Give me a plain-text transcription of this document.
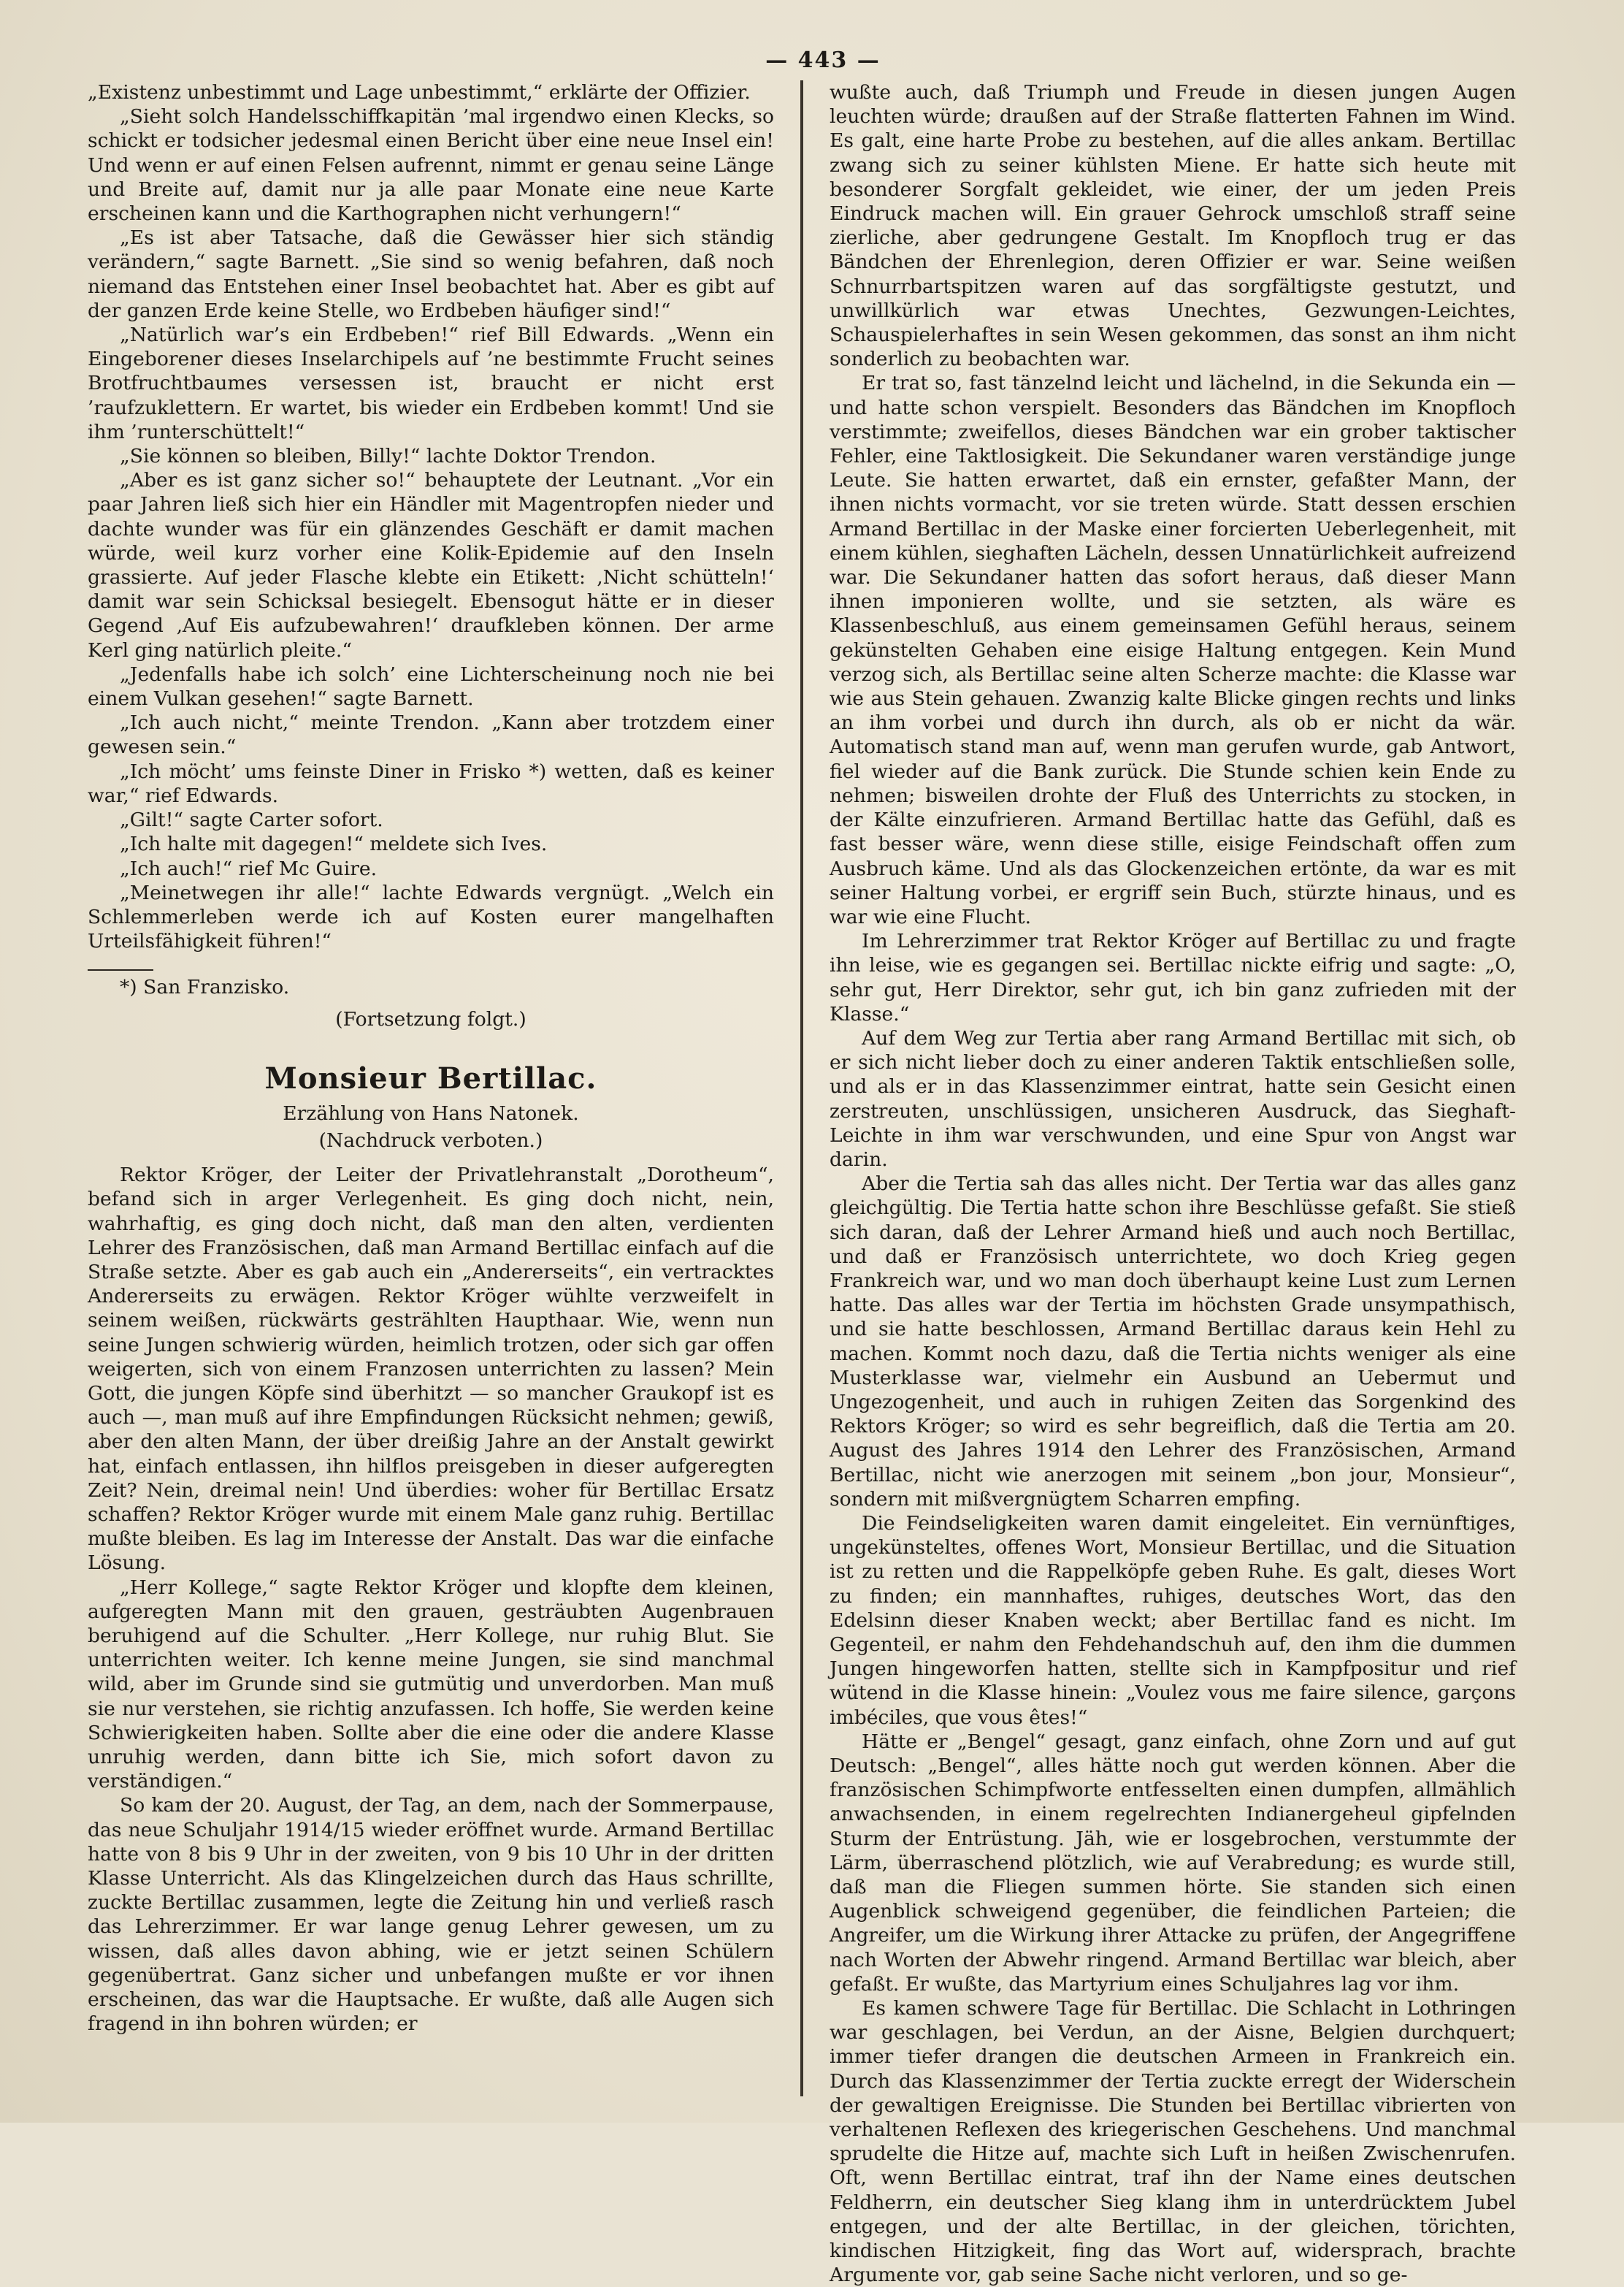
— 443 —

„Existenz unbestimmt und Lage unbestimmt,“ erklärte der Offizier.

„Sieht solch Handelsschiffkapitän ’mal irgendwo einen Klecks, so schickt er todsicher jedesmal einen Bericht über eine neue Insel ein! Und wenn er auf einen Felsen aufrennt, nimmt er genau seine Länge und Breite auf, damit nur ja alle paar Monate eine neue Karte erscheinen kann und die Karthographen nicht verhungern!“

„Es ist aber Tatsache, daß die Gewässer hier sich ständig verändern,“ sagte Barnett. „Sie sind so wenig befahren, daß noch niemand das Entstehen einer Insel beobachtet hat. Aber es gibt auf der ganzen Erde keine Stelle, wo Erdbeben häufiger sind!“

„Natürlich war’s ein Erdbeben!“ rief Bill Edwards. „Wenn ein Eingeborener dieses Inselarchipels auf ’ne bestimmte Frucht seines Brotfruchtbaumes versessen ist, braucht er nicht erst ’raufzuklettern. Er wartet, bis wieder ein Erdbeben kommt! Und sie ihm ’runterschüttelt!“

„Sie können so bleiben, Billy!“ lachte Doktor Trendon.

„Aber es ist ganz sicher so!“ behauptete der Leutnant. „Vor ein paar Jahren ließ sich hier ein Händler mit Magentropfen nieder und dachte wunder was für ein glänzendes Geschäft er damit machen würde, weil kurz vorher eine Kolik-Epidemie auf den Inseln grassierte. Auf jeder Flasche klebte ein Etikett: ‚Nicht schütteln!‘ damit war sein Schicksal besiegelt. Ebensogut hätte er in dieser Gegend ‚Auf Eis aufzubewahren!‘ draufkleben können. Der arme Kerl ging natürlich pleite.“

„Jedenfalls habe ich solch’ eine Lichterscheinung noch nie bei einem Vulkan gesehen!“ sagte Barnett.

„Ich auch nicht,“ meinte Trendon. „Kann aber trotzdem einer gewesen sein.“

„Ich möcht’ ums feinste Diner in Frisko *) wetten, daß es keiner war,“ rief Edwards.

„Gilt!“ sagte Carter sofort.

„Ich halte mit dagegen!“ meldete sich Ives.

„Ich auch!“ rief Mc Guire.

„Meinetwegen ihr alle!“ lachte Edwards vergnügt. „Welch ein Schlemmerleben werde ich auf Kosten eurer mangelhaften Urteilsfähigkeit führen!“

*) San Franzisko.

(Fortsetzung folgt.)

Monsieur Bertillac.

Erzählung von Hans Natonek.

(Nachdruck verboten.)

Rektor Kröger, der Leiter der Privatlehranstalt „Dorotheum“, befand sich in arger Verlegenheit. Es ging doch nicht, nein, wahrhaftig, es ging doch nicht, daß man den alten, verdienten Lehrer des Französischen, daß man Armand Bertillac einfach auf die Straße setzte. Aber es gab auch ein „Andererseits“, ein vertracktes Andererseits zu erwägen. Rektor Kröger wühlte verzweifelt in seinem weißen, rückwärts gestrählten Haupthaar. Wie, wenn nun seine Jungen schwierig würden, heimlich trotzen, oder sich gar offen weigerten, sich von einem Franzosen unterrichten zu lassen? Mein Gott, die jungen Köpfe sind überhitzt — so mancher Graukopf ist es auch —, man muß auf ihre Empfindungen Rücksicht nehmen; gewiß, aber den alten Mann, der über dreißig Jahre an der Anstalt gewirkt hat, einfach entlassen, ihn hilflos preisgeben in dieser aufgeregten Zeit? Nein, dreimal nein! Und überdies: woher für Bertillac Ersatz schaffen? Rektor Kröger wurde mit einem Male ganz ruhig. Bertillac mußte bleiben. Es lag im Interesse der Anstalt. Das war die einfache Lösung.

„Herr Kollege,“ sagte Rektor Kröger und klopfte dem kleinen, aufgeregten Mann mit den grauen, gesträubten Augenbrauen beruhigend auf die Schulter. „Herr Kollege, nur ruhig Blut. Sie unterrichten weiter. Ich kenne meine Jungen, sie sind manchmal wild, aber im Grunde sind sie gutmütig und unverdorben. Man muß sie nur verstehen, sie richtig anzufassen. Ich hoffe, Sie werden keine Schwierigkeiten haben. Sollte aber die eine oder die andere Klasse unruhig werden, dann bitte ich Sie, mich sofort davon zu verständigen.“

So kam der 20. August, der Tag, an dem, nach der Sommerpause, das neue Schuljahr 1914/15 wieder eröffnet wurde. Armand Bertillac hatte von 8 bis 9 Uhr in der zweiten, von 9 bis 10 Uhr in der dritten Klasse Unterricht. Als das Klingelzeichen durch das Haus schrillte, zuckte Bertillac zusammen, legte die Zeitung hin und verließ rasch das Lehrerzimmer. Er war lange genug Lehrer gewesen, um zu wissen, daß alles davon abhing, wie er jetzt seinen Schülern gegenübertrat. Ganz sicher und unbefangen mußte er vor ihnen erscheinen, das war die Hauptsache. Er wußte, daß alle Augen sich fragend in ihn bohren würden; er

wußte auch, daß Triumph und Freude in diesen jungen Augen leuchten würde; draußen auf der Straße flatterten Fahnen im Wind. Es galt, eine harte Probe zu bestehen, auf die alles ankam. Bertillac zwang sich zu seiner kühlsten Miene. Er hatte sich heute mit besonderer Sorgfalt gekleidet, wie einer, der um jeden Preis Eindruck machen will. Ein grauer Gehrock umschloß straff seine zierliche, aber gedrungene Gestalt. Im Knopfloch trug er das Bändchen der Ehrenlegion, deren Offizier er war. Seine weißen Schnurrbartspitzen waren auf das sorgfältigste gestutzt, und unwillkürlich war etwas Unechtes, Gezwungen-Leichtes, Schauspielerhaftes in sein Wesen gekommen, das sonst an ihm nicht sonderlich zu beobachten war.

Er trat so, fast tänzelnd leicht und lächelnd, in die Sekunda ein — und hatte schon verspielt. Besonders das Bändchen im Knopfloch verstimmte; zweifellos, dieses Bändchen war ein grober taktischer Fehler, eine Taktlosigkeit. Die Sekundaner waren verständige junge Leute. Sie hatten erwartet, daß ein ernster, gefaßter Mann, der ihnen nichts vormacht, vor sie treten würde. Statt dessen erschien Armand Bertillac in der Maske einer forcierten Ueberlegenheit, mit einem kühlen, sieghaften Lächeln, dessen Unnatürlichkeit aufreizend war. Die Sekundaner hatten das sofort heraus, daß dieser Mann ihnen imponieren wollte, und sie setzten, als wäre es Klassenbeschluß, aus einem gemeinsamen Gefühl heraus, seinem gekünstelten Gehaben eine eisige Haltung entgegen. Kein Mund verzog sich, als Bertillac seine alten Scherze machte: die Klasse war wie aus Stein gehauen. Zwanzig kalte Blicke gingen rechts und links an ihm vorbei und durch ihn durch, als ob er nicht da wär. Automatisch stand man auf, wenn man gerufen wurde, gab Antwort, fiel wieder auf die Bank zurück. Die Stunde schien kein Ende zu nehmen; bisweilen drohte der Fluß des Unterrichts zu stocken, in der Kälte einzufrieren. Armand Bertillac hatte das Gefühl, daß es fast besser wäre, wenn diese stille, eisige Feindschaft offen zum Ausbruch käme. Und als das Glockenzeichen ertönte, da war es mit seiner Haltung vorbei, er ergriff sein Buch, stürzte hinaus, und es war wie eine Flucht.

Im Lehrerzimmer trat Rektor Kröger auf Bertillac zu und fragte ihn leise, wie es gegangen sei. Bertillac nickte eifrig und sagte: „O, sehr gut, Herr Direktor, sehr gut, ich bin ganz zufrieden mit der Klasse.“

Auf dem Weg zur Tertia aber rang Armand Bertillac mit sich, ob er sich nicht lieber doch zu einer anderen Taktik entschließen solle, und als er in das Klassenzimmer eintrat, hatte sein Gesicht einen zerstreuten, unschlüssigen, unsicheren Ausdruck, das Sieghaft-Leichte in ihm war verschwunden, und eine Spur von Angst war darin.

Aber die Tertia sah das alles nicht. Der Tertia war das alles ganz gleichgültig. Die Tertia hatte schon ihre Beschlüsse gefaßt. Sie stieß sich daran, daß der Lehrer Armand hieß und auch noch Bertillac, und daß er Französisch unterrichtete, wo doch Krieg gegen Frankreich war, und wo man doch überhaupt keine Lust zum Lernen hatte. Das alles war der Tertia im höchsten Grade unsympathisch, und sie hatte beschlossen, Armand Bertillac daraus kein Hehl zu machen. Kommt noch dazu, daß die Tertia nichts weniger als eine Musterklasse war, vielmehr ein Ausbund an Uebermut und Ungezogenheit, und auch in ruhigen Zeiten das Sorgenkind des Rektors Kröger; so wird es sehr begreiflich, daß die Tertia am 20. August des Jahres 1914 den Lehrer des Französischen, Armand Bertillac, nicht wie anerzogen mit seinem „bon jour, Monsieur“, sondern mit mißvergnügtem Scharren empfing.

Die Feindseligkeiten waren damit eingeleitet. Ein vernünftiges, ungekünsteltes, offenes Wort, Monsieur Bertillac, und die Situation ist zu retten und die Rappelköpfe geben Ruhe. Es galt, dieses Wort zu finden; ein mannhaftes, ruhiges, deutsches Wort, das den Edelsinn dieser Knaben weckt; aber Bertillac fand es nicht. Im Gegenteil, er nahm den Fehdehandschuh auf, den ihm die dummen Jungen hingeworfen hatten, stellte sich in Kampfpositur und rief wütend in die Klasse hinein: „Voulez vous me faire silence, garçons imbéciles, que vous êtes!“

Hätte er „Bengel“ gesagt, ganz einfach, ohne Zorn und auf gut Deutsch: „Bengel“, alles hätte noch gut werden können. Aber die französischen Schimpfworte entfesselten einen dumpfen, allmählich anwachsenden, in einem regelrechten Indianergeheul gipfelnden Sturm der Entrüstung. Jäh, wie er losgebrochen, verstummte der Lärm, überraschend plötzlich, wie auf Verabredung; es wurde still, daß man die Fliegen summen hörte. Sie standen sich einen Augenblick schweigend gegenüber, die feindlichen Parteien; die Angreifer, um die Wirkung ihrer Attacke zu prüfen, der Angegriffene nach Worten der Abwehr ringend. Armand Bertillac war bleich, aber gefaßt. Er wußte, das Martyrium eines Schuljahres lag vor ihm.

Es kamen schwere Tage für Bertillac. Die Schlacht in Lothringen war geschlagen, bei Verdun, an der Aisne, Belgien durchquert; immer tiefer drangen die deutschen Armeen in Frankreich ein. Durch das Klassenzimmer der Tertia zuckte erregt der Widerschein der gewaltigen Ereignisse. Die Stunden bei Bertillac vibrierten von verhaltenen Reflexen des kriegerischen Geschehens. Und manchmal sprudelte die Hitze auf, machte sich Luft in heißen Zwischenrufen. Oft, wenn Bertillac eintrat, traf ihn der Name eines deutschen Feldherrn, ein deutscher Sieg klang ihm in unterdrücktem Jubel entgegen, und der alte Bertillac, in der gleichen, törichten, kindischen Hitzigkeit, fing das Wort auf, widersprach, brachte Argumente vor, gab seine Sache nicht verloren, und so ge-
